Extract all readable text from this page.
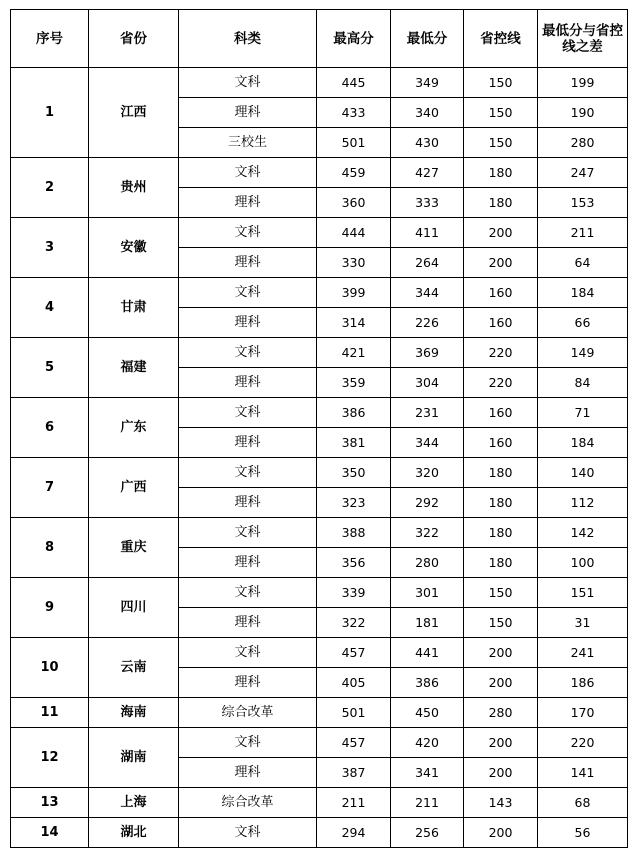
序号	省份	科类	最高分	最低分	省控线	最低分与省控线之差
1	江西	文科	445	349	150	199
		理科	433	340	150	190
		三校生	501	430	150	280
2	贵州	文科	459	427	180	247
		理科	360	333	180	153
3	安徽	文科	444	411	200	211
		理科	330	264	200	64
4	甘肃	文科	399	344	160	184
		理科	314	226	160	66
5	福建	文科	421	369	220	149
		理科	359	304	220	84
6	广东	文科	386	231	160	71
		理科	381	344	160	184
7	广西	文科	350	320	180	140
		理科	323	292	180	112
8	重庆	文科	388	322	180	142
		理科	356	280	180	100
9	四川	文科	339	301	150	151
		理科	322	181	150	31
10	云南	文科	457	441	200	241
		理科	405	386	200	186
11	海南	综合改革	501	450	280	170
12	湖南	文科	457	420	200	220
		理科	387	341	200	141
13	上海	综合改革	211	211	143	68
14	湖北	文科	294	256	200	56
